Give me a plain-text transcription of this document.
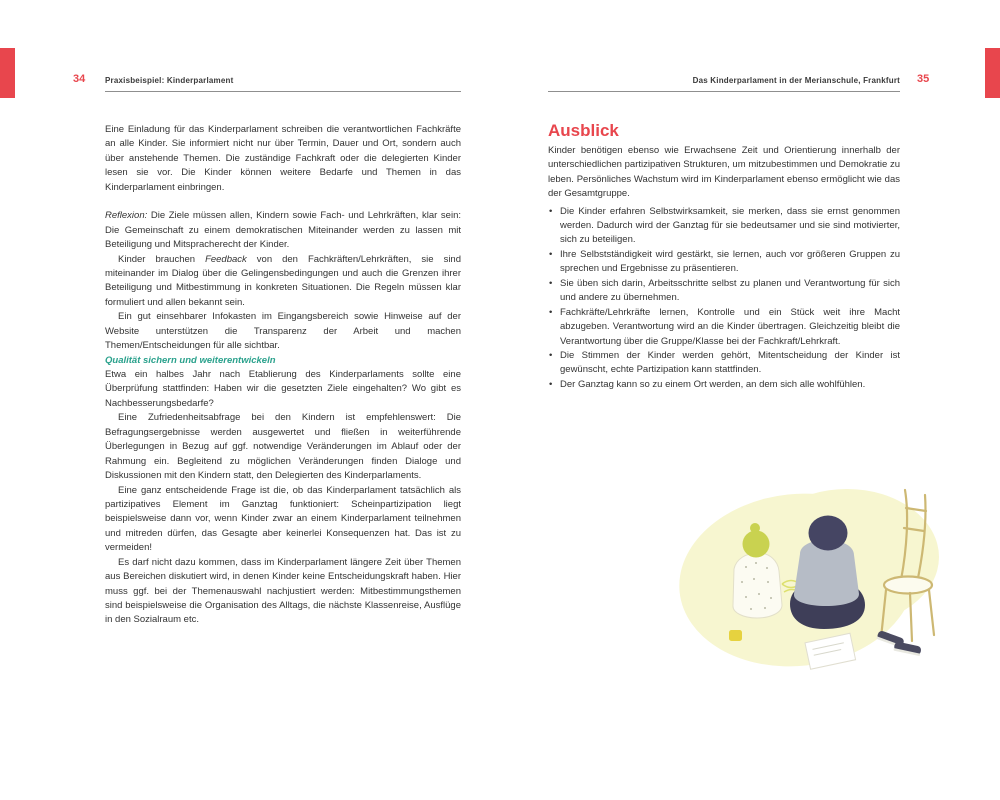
34 Praxisbeispiel: Kinderparlament	35
Das Kinderparlament in der Merianschule, Frankfurt

Eine Einladung für das Kinderparlament schreiben die verantwortlichen Fachkräfte an alle Kinder. Sie informiert nicht nur über Termin, Dauer und Ort, sondern auch über anstehende Themen. Die zuständige Fachkraft oder die delegierten Kinder lesen sie vor. Die Kinder können weitere Bedarfe und Themen in das Kinderparlament einbringen.

Reflexion: Die Ziele müssen allen, Kindern sowie Fach- und Lehrkräften, klar sein: Die Gemeinschaft zu einem demokratischen Miteinander werden zu lassen mit Beteiligung und Mitspracherecht der Kinder.

Kinder brauchen Feedback von den Fachkräften/Lehrkräften, sie sind miteinander im Dialog über die Gelingensbedingungen und auch die Grenzen ihrer Beteiligung und Mitbestimmung in konkreten Situationen. Die Regeln müssen klar formuliert und allen bekannt sein.

Ein gut einsehbarer Infokasten im Eingangsbereich sowie Hinweise auf der Website unterstützen die Transparenz der Arbeit und machen Themen/Entscheidungen für alle sichtbar.

Qualität sichern und weiterentwickeln

Etwa ein halbes Jahr nach Etablierung des Kinderparlaments sollte eine Überprüfung stattfinden: Haben wir die gesetzten Ziele eingehalten? Wo gibt es Nachbesserungsbedarfe?

Eine Zufriedenheitsabfrage bei den Kindern ist empfehlenswert: Die Befragungsergebnisse werden ausgewertet und fließen in weiterführende Überlegungen in Bezug auf ggf. notwendige Veränderungen im Ablauf oder der Rahmung ein. Begleitend zu möglichen Veränderungen finden Dialoge und Diskussionen mit den Kindern statt, den Delegierten des Kinderparlaments.

Eine ganz entscheidende Frage ist die, ob das Kinderparlament tatsächlich als partizipatives Element im Ganztag funktioniert: Scheinpartizipation liegt beispielsweise dann vor, wenn Kinder zwar an einem Kinderparlament teilnehmen und mitreden dürfen, das Gesagte aber keinerlei Konsequenzen hat. Das ist zu vermeiden!

Es darf nicht dazu kommen, dass im Kinderparlament längere Zeit über Themen aus Bereichen diskutiert wird, in denen Kinder keine Entscheidungskraft haben. Hier muss ggf. bei der Themenauswahl nachjustiert werden: Mitbestimmungsthemen sind beispielsweise die Organisation des Alltags, die nächste Klassenreise, Ausflüge in den Sozialraum etc.

Ausblick

Kinder benötigen ebenso wie Erwachsene Zeit und Orientierung innerhalb der unterschiedlichen partizipativen Strukturen, um mitzubestimmen und Demokratie zu leben. Persönliches Wachstum wird im Kinderparlament ebenso ermöglicht wie das der Gesamtgruppe.

• Die Kinder erfahren Selbstwirksamkeit, sie merken, dass sie ernst genommen werden. Dadurch wird der Ganztag für sie bedeutsamer und sie sind motivierter, sich zu beteiligen.
• Ihre Selbstständigkeit wird gestärkt, sie lernen, auch vor größeren Gruppen zu sprechen und Ergebnisse zu präsentieren.
• Sie üben sich darin, Arbeitsschritte selbst zu planen und Verantwortung für sich und andere zu übernehmen.
• Fachkräfte/Lehrkräfte lernen, Kontrolle und ein Stück weit ihre Macht abzugeben. Verantwortung wird an die Kinder übertragen. Gleichzeitig bleibt die Verantwortung über die Gruppe/Klasse bei der Fachkraft/Lehrkraft.
• Die Stimmen der Kinder werden gehört, Mitentscheidung der Kinder ist gewünscht, echte Partizipation kann stattfinden.
• Der Ganztag kann so zu einem Ort werden, an dem sich alle wohlfühlen.
